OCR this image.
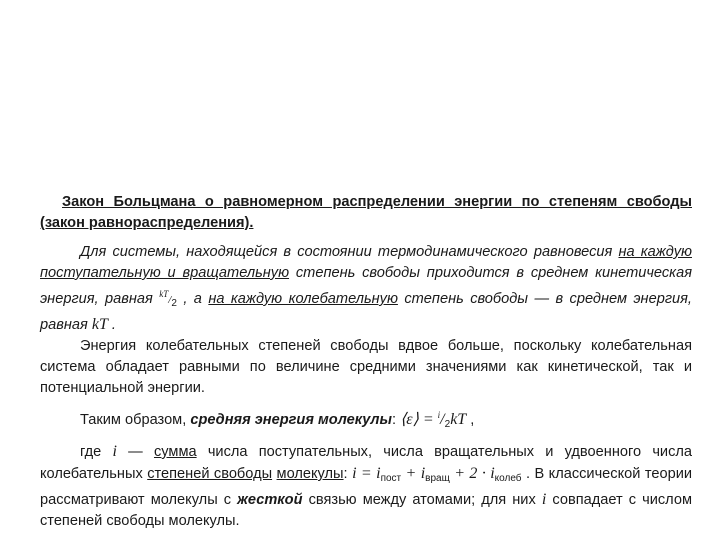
Закон Больцмана о равномерном распределении энергии по степеням свободы (закон равнораспределения).

Для системы, находящейся в состоянии термодинамического равновесия на каждую поступательную и вращательную степень свободы приходится в среднем кинетическая энергия, равная $^{kT}$/2 , а на каждую колебательную степень свободы — в среднем энергия, равная kT .

Энергия колебательных степеней свободы вдвое больше, поскольку колебательная система обладает равными по величине средними значениями как кинетической, так и потенциальной энергии.

Таким образом, средняя энергия молекулы: ⟨ε⟩ = $^i/_2kT$ ,

где i — сумма числа поступательных, числа вращательных и удвоенного числа колебательных степеней свободы молекулы: $i = i_{пост} + i_{вращ} + 2 \cdot i_{колеб}$ . В классической теории рассматривают молекулы с жесткой связью между атомами; для них i совпадает с числом степеней свободы молекулы.
